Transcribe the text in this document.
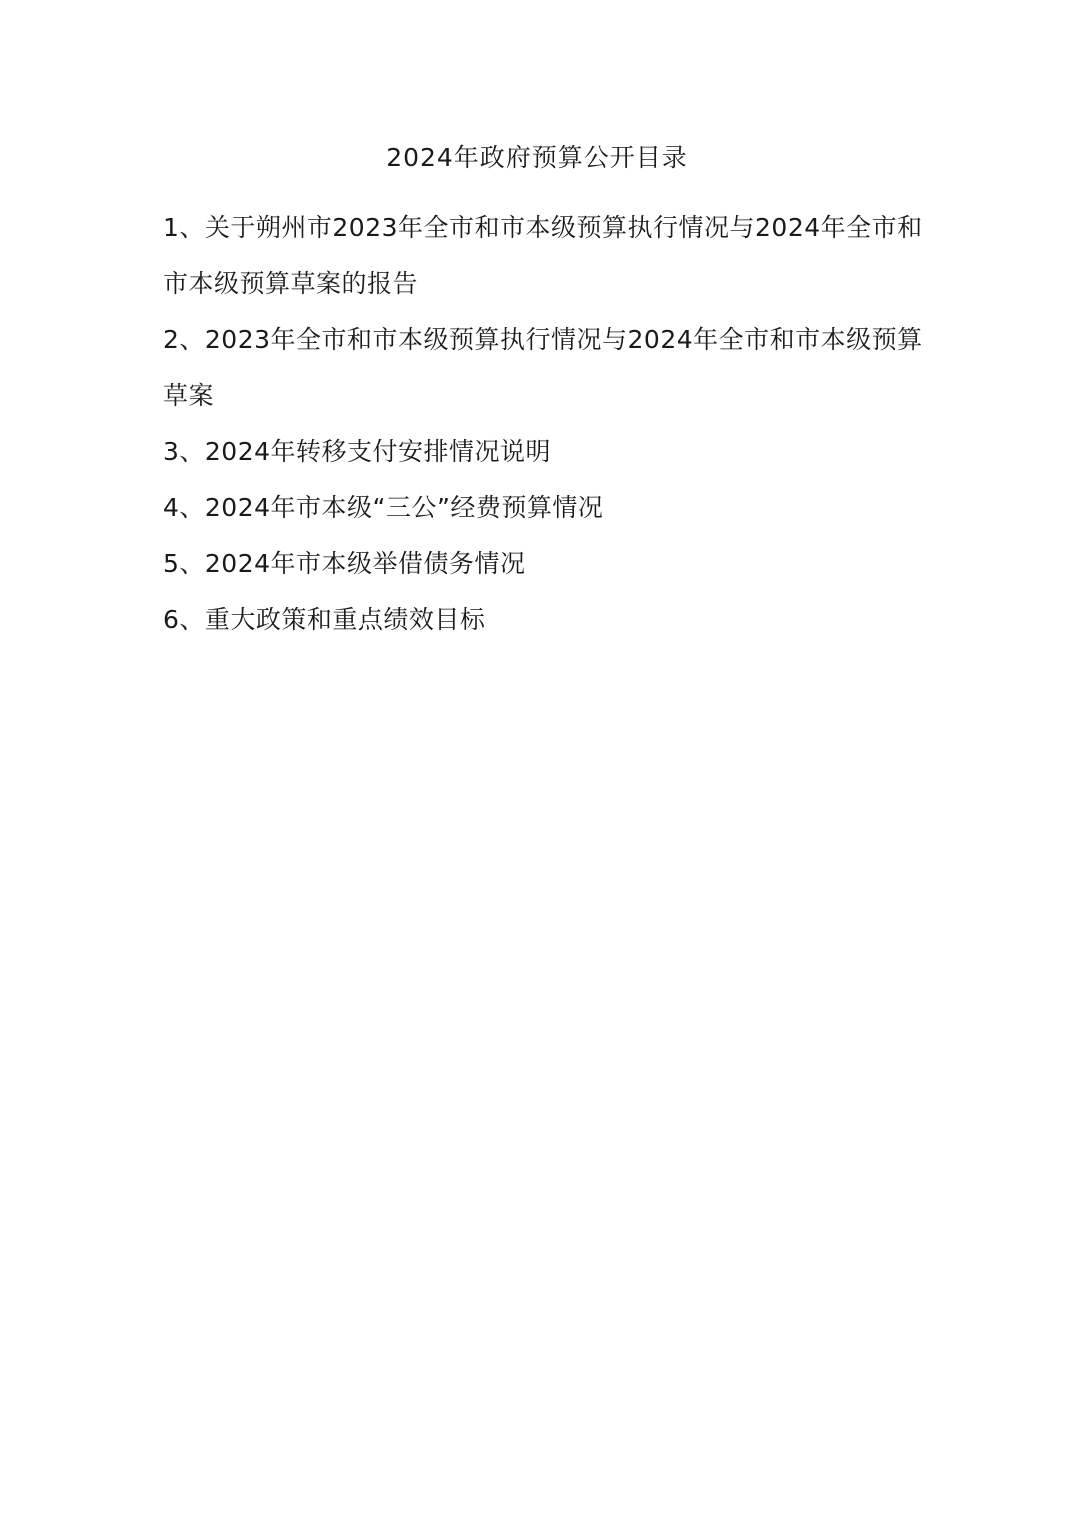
2024年政府预算公开目录
1、关于朔州市2023年全市和市本级预算执行情况与2024年全市和市本级预算草案的报告
2、2023年全市和市本级预算执行情况与2024年全市和市本级预算草案
3、2024年转移支付安排情况说明
4、2024年市本级“三公”经费预算情况
5、2024年市本级举借债务情况
6、重大政策和重点绩效目标
